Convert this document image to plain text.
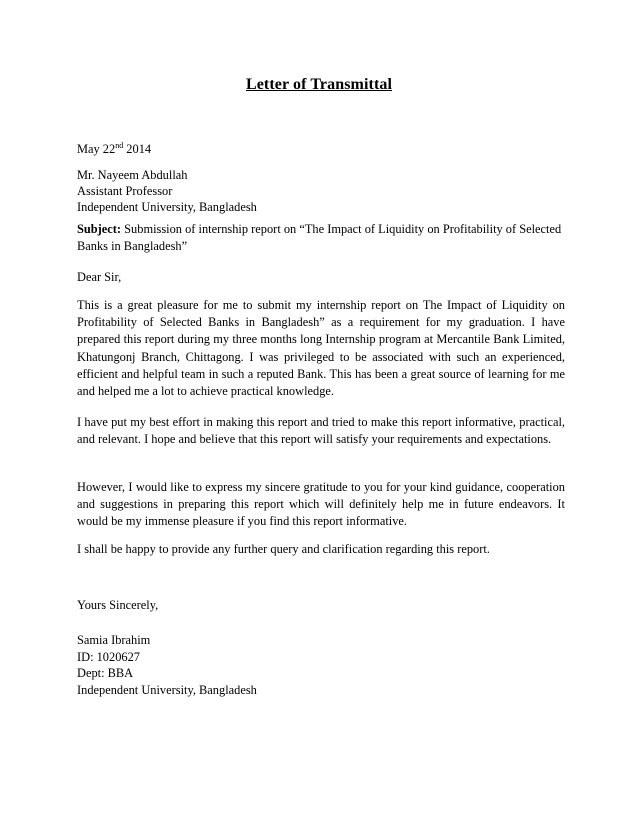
Letter of Transmittal
May 22nd 2014
Mr. Nayeem Abdullah
Assistant Professor
Independent University, Bangladesh
Subject: Submission of internship report on “The Impact of Liquidity on Profitability of Selected Banks in Bangladesh”
Dear Sir,
This is a great pleasure for me to submit my internship report on The Impact of Liquidity on Profitability of Selected Banks in Bangladesh” as a requirement for my graduation. I have prepared this report during my three months long Internship program at Mercantile Bank Limited, Khatungonj Branch, Chittagong. I was privileged to be associated with such an experienced, efficient and helpful team in such a reputed Bank. This has been a great source of learning for me and helped me a lot to achieve practical knowledge.
I have put my best effort in making this report and tried to make this report informative, practical, and relevant. I hope and believe that this report will satisfy your requirements and expectations.
However, I would like to express my sincere gratitude to you for your kind guidance, cooperation and suggestions in preparing this report which will definitely help me in future endeavors. It would be my immense pleasure if you find this report informative.
I shall be happy to provide any further query and clarification regarding this report.
Yours Sincerely,
Samia Ibrahim
ID: 1020627
Dept: BBA
Independent University, Bangladesh
